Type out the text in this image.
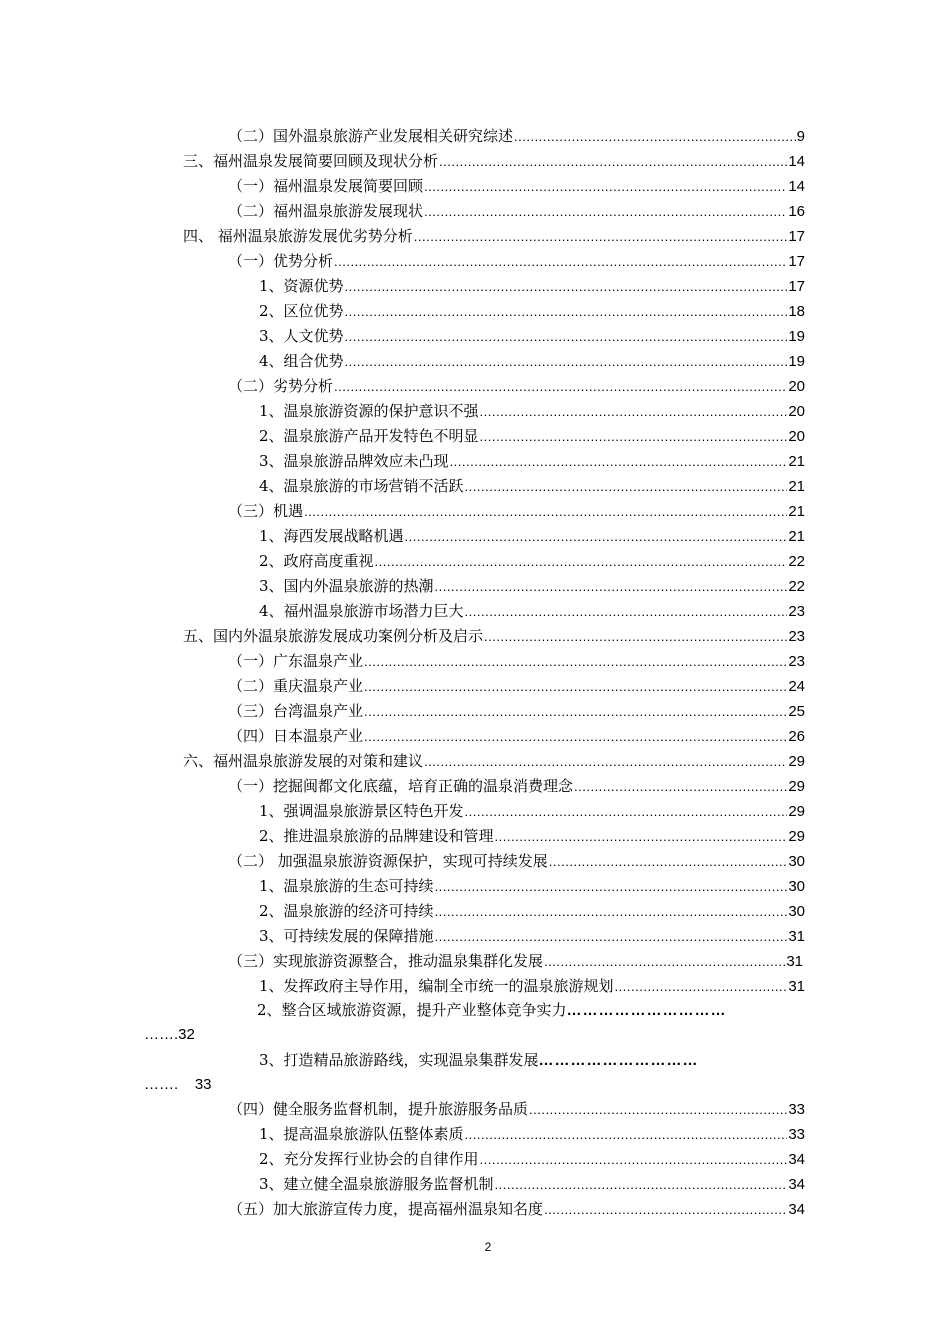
（二）国外温泉旅游产业发展相关研究综述 .....	9
三、福州温泉发展简要回顾及现状分析 .....	14
（一）福州温泉发展简要回顾 .....	14
（二）福州温泉旅游发展现状 .....	16
四、 福州温泉旅游发展优劣势分析 .....	17
（一）优势分析 .....	17
1、资源优势 .....	17
2、区位优势 .....	18
3、人文优势 .....	19
4、组合优势 .....	19
（二）劣势分析 .....	20
1、温泉旅游资源的保护意识不强 .....	20
2、温泉旅游产品开发特色不明显 .....	20
3、温泉旅游品牌效应未凸现 .....	21
4、温泉旅游的市场营销不活跃 .....	21
（三）机遇 .....	21
1、海西发展战略机遇 .....	21
2、政府高度重视 .....	22
3、国内外温泉旅游的热潮 .....	22
4、福州温泉旅游市场潜力巨大 .....	23
五、国内外温泉旅游发展成功案例分析及启示 .....	23
（一）广东温泉产业 .....	23
（二）重庆温泉产业 .....	24
（三）台湾温泉产业 .....	25
（四）日本温泉产业 .....	26
六、福州温泉旅游发展的对策和建议 .....	29
（一）挖掘闽都文化底蕴，培育正确的温泉消费理念 .....	29
1、强调温泉旅游景区特色开发 .....	29
2、推进温泉旅游的品牌建设和管理 .....	29
（二） 加强温泉旅游资源保护，实现可持续发展 .....	30
1、温泉旅游的生态可持续 .....	30
2、温泉旅游的经济可持续 .....	30
3、可持续发展的保障措施 .....	31
（三）实现旅游资源整合，推动温泉集群化发展 .....	31
1、发挥政府主导作用，编制全市统一的温泉旅游规划 .....	31
2、整合区域旅游资源，提升产业整体竞争实力…………………………
…….32
3、打造精品旅游路线，实现温泉集群发展…………………………
…….    33
（四）健全服务监督机制，提升旅游服务品质 .....	33
1、提高温泉旅游队伍整体素质 .....	33
2、充分发挥行业协会的自律作用 .....	34
3、建立健全温泉旅游服务监督机制 .....	34
（五）加大旅游宣传力度，提高福州温泉知名度 .....	34
2
